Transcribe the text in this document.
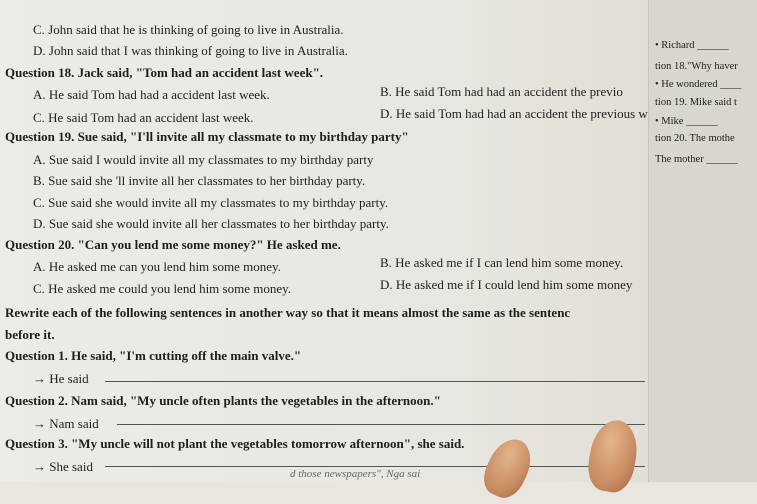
C. John said that he is thinking of going to live in Australia.
D. John said that I was thinking of going to live in Australia.
Question 18. Jack said, "Tom had an accident last week".
A. He said Tom had had a accident last week.	B. He said Tom had had an accident the previo
C. He said Tom had an accident last week.	D. He said Tom had had an accident the previous w
Question 19. Sue said, "I'll invite all my classmate to my birthday party"
A. Sue said I would invite all my classmates to my birthday party
B. Sue said she 'll invite all her classmates to her birthday party.
C. Sue said she would invite all my classmates to my birthday party.
D. Sue said she would invite all her classmates to her birthday party.
Question 20. "Can you lend me some money?" He asked me.
A. He asked me can you lend him some money.	B. He asked me if I can lend him some money.
C. He asked me could you lend him some money.	D. He asked me if I could lend him some money
Rewrite each of the following sentences in another way so that it means almost the same as the sentenc
before it.
Question 1. He said, "I'm cutting off the main valve."
→ He said
Question 2. Nam said, "My uncle often plants the vegetables in the afternoon."
→ Nam said
Question 3. "My uncle will not plant the vegetables tomorrow afternoon", she said.
→ She said
• Richard ______
tion 18."Why haver
• He wondered ____
tion 19. Mike said t
• Mike ______
tion 20. The mothe
The mother ______
d those newspapers", Nga sai
